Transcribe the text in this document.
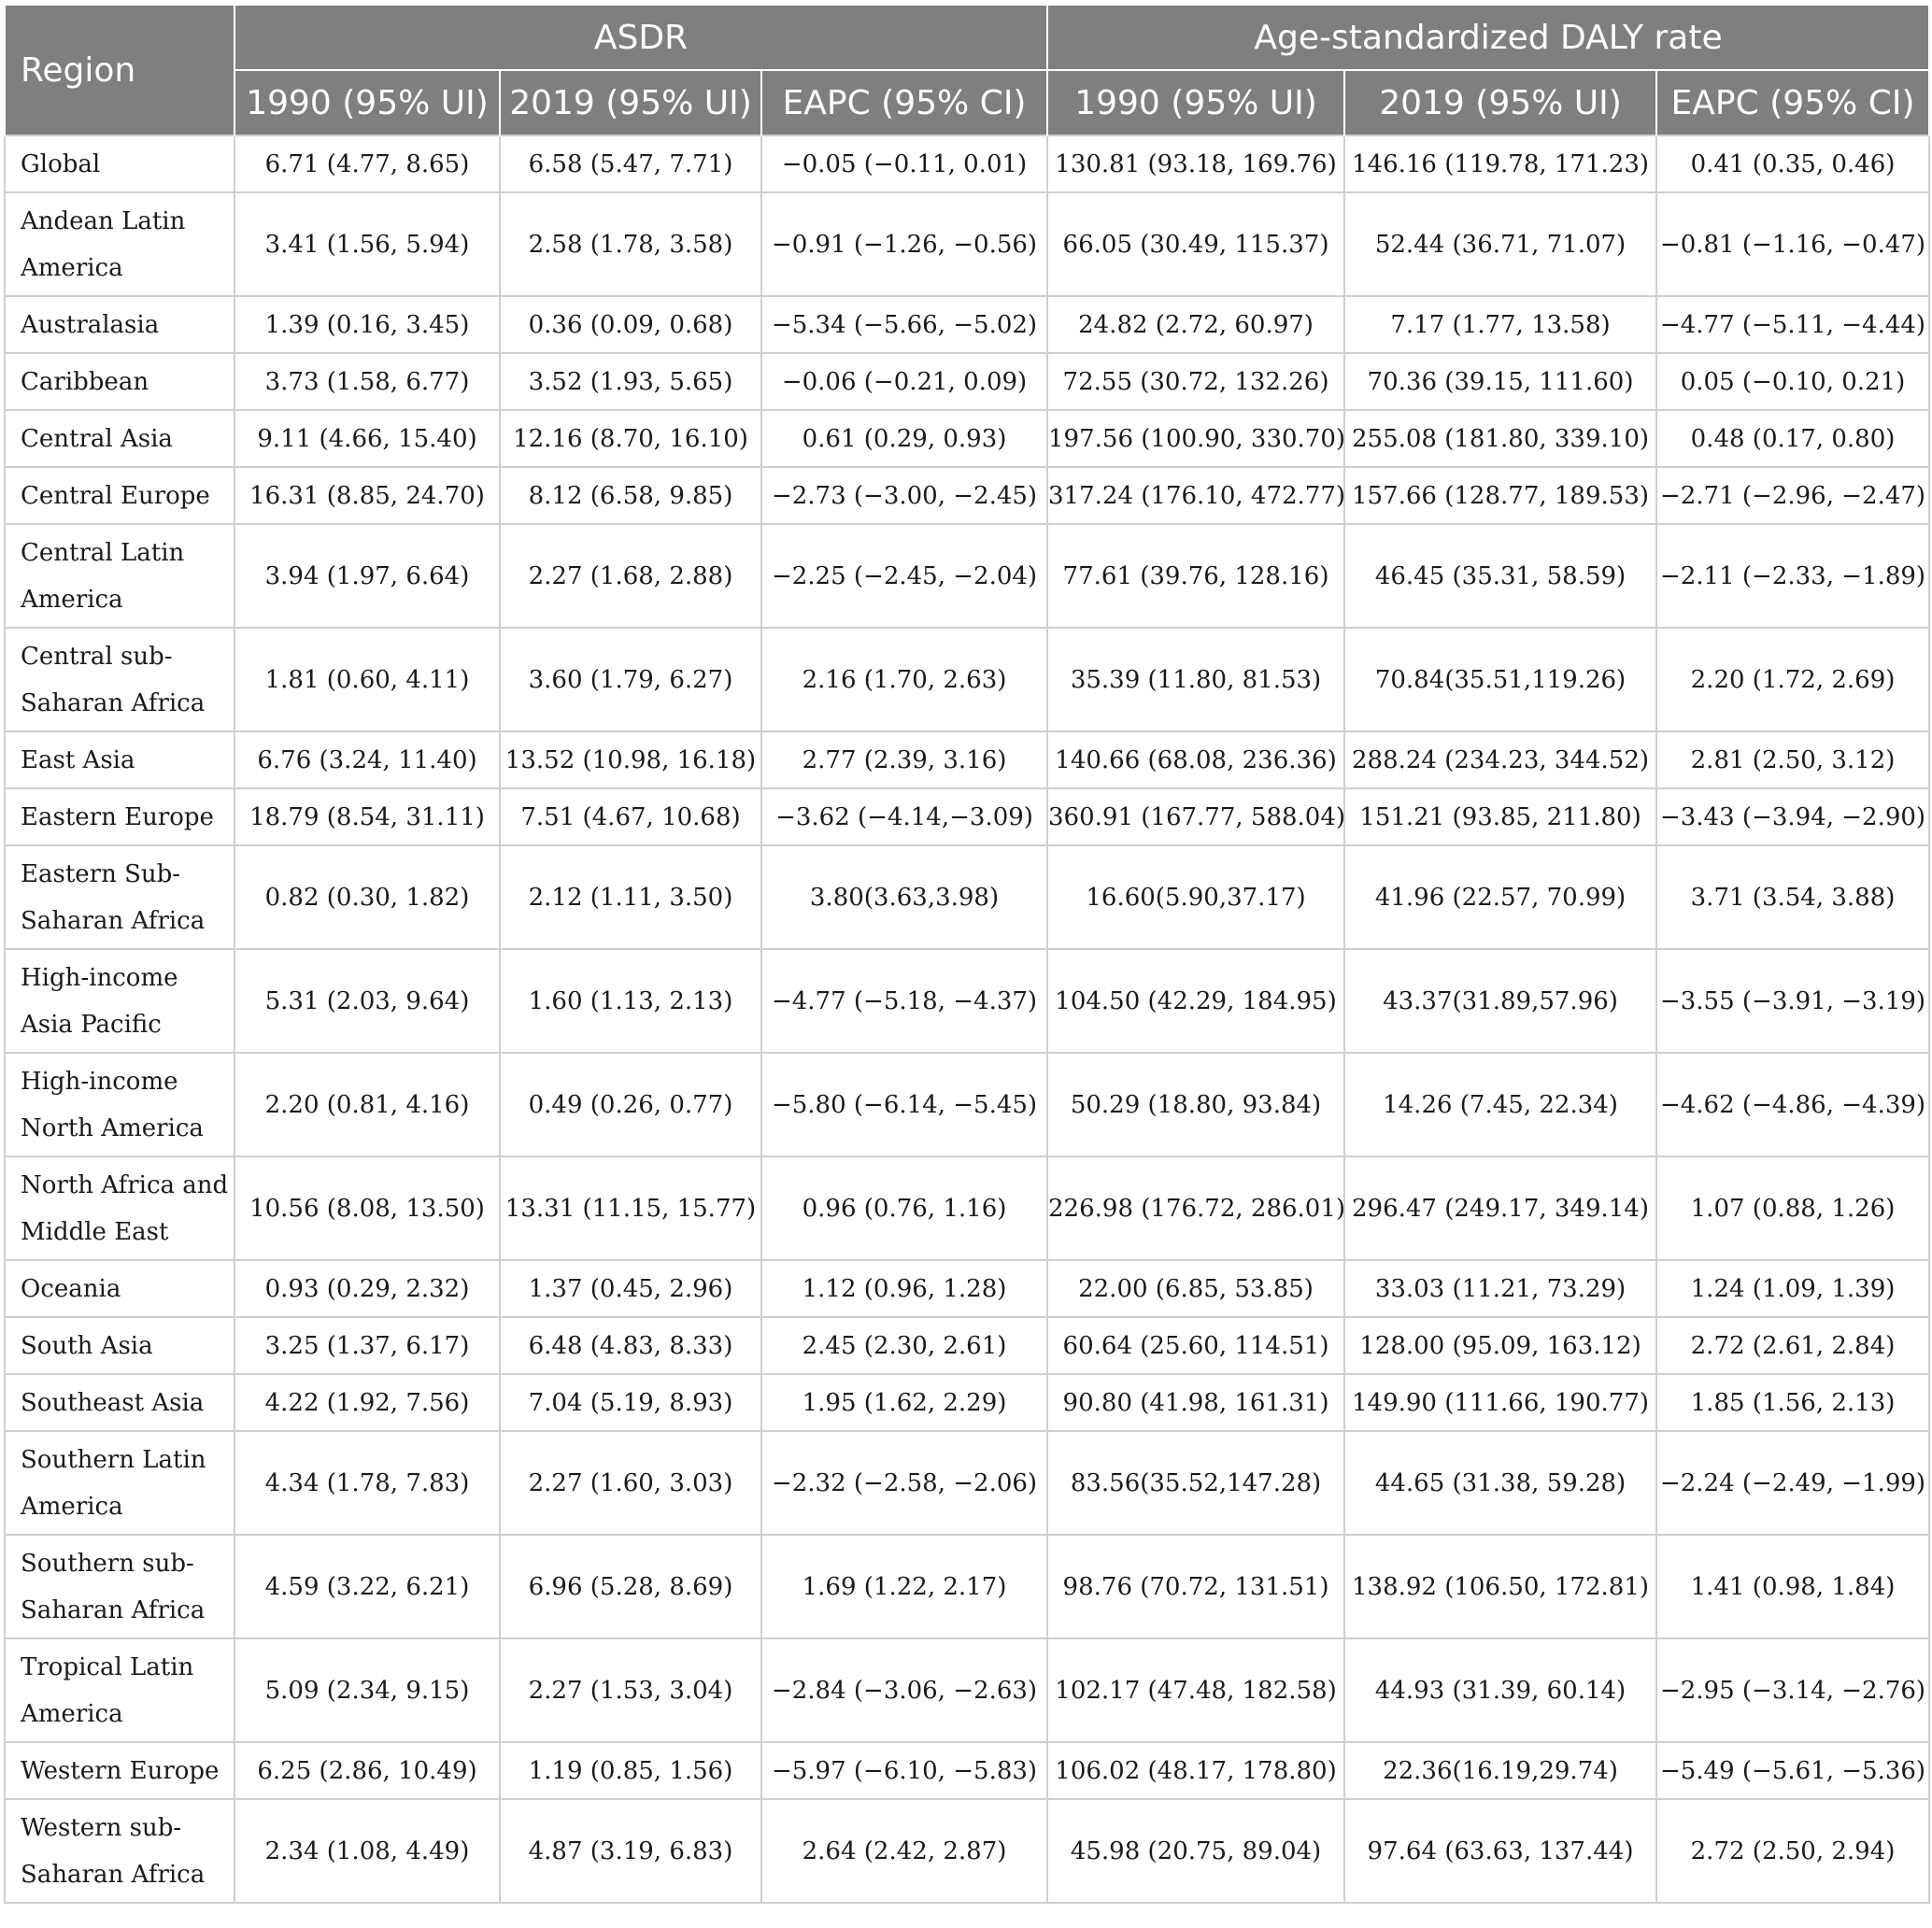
Region	ASDR			Age-standardized DALY rate		
	1990 (95% UI)	2019 (95% UI)	EAPC (95% CI)	1990 (95% UI)	2019 (95% UI)	EAPC (95% CI)
Global	6.71 (4.77, 8.65)	6.58 (5.47, 7.71)	−0.05 (−0.11, 0.01)	130.81 (93.18, 169.76)	146.16 (119.78, 171.23)	0.41 (0.35, 0.46)
Andean Latin America	3.41 (1.56, 5.94)	2.58 (1.78, 3.58)	−0.91 (−1.26, −0.56)	66.05 (30.49, 115.37)	52.44 (36.71, 71.07)	−0.81 (−1.16, −0.47)
Australasia	1.39 (0.16, 3.45)	0.36 (0.09, 0.68)	−5.34 (−5.66, −5.02)	24.82 (2.72, 60.97)	7.17 (1.77, 13.58)	−4.77 (−5.11, −4.44)
Caribbean	3.73 (1.58, 6.77)	3.52 (1.93, 5.65)	−0.06 (−0.21, 0.09)	72.55 (30.72, 132.26)	70.36 (39.15, 111.60)	0.05 (−0.10, 0.21)
Central Asia	9.11 (4.66, 15.40)	12.16 (8.70, 16.10)	0.61 (0.29, 0.93)	197.56 (100.90, 330.70)	255.08 (181.80, 339.10)	0.48 (0.17, 0.80)
Central Europe	16.31 (8.85, 24.70)	8.12 (6.58, 9.85)	−2.73 (−3.00, −2.45)	317.24 (176.10, 472.77)	157.66 (128.77, 189.53)	−2.71 (−2.96, −2.47)
Central Latin America	3.94 (1.97, 6.64)	2.27 (1.68, 2.88)	−2.25 (−2.45, −2.04)	77.61 (39.76, 128.16)	46.45 (35.31, 58.59)	−2.11 (−2.33, −1.89)
Central sub-Saharan Africa	1.81 (0.60, 4.11)	3.60 (1.79, 6.27)	2.16 (1.70, 2.63)	35.39 (11.80, 81.53)	70.84(35.51,119.26)	2.20 (1.72, 2.69)
East Asia	6.76 (3.24, 11.40)	13.52 (10.98, 16.18)	2.77 (2.39, 3.16)	140.66 (68.08, 236.36)	288.24 (234.23, 344.52)	2.81 (2.50, 3.12)
Eastern Europe	18.79 (8.54, 31.11)	7.51 (4.67, 10.68)	−3.62 (−4.14,−3.09)	360.91 (167.77, 588.04)	151.21 (93.85, 211.80)	−3.43 (−3.94, −2.90)
Eastern Sub-Saharan Africa	0.82 (0.30, 1.82)	2.12 (1.11, 3.50)	3.80(3.63,3.98)	16.60(5.90,37.17)	41.96 (22.57, 70.99)	3.71 (3.54, 3.88)
High-income Asia Pacific	5.31 (2.03, 9.64)	1.60 (1.13, 2.13)	−4.77 (−5.18, −4.37)	104.50 (42.29, 184.95)	43.37(31.89,57.96)	−3.55 (−3.91, −3.19)
High-income North America	2.20 (0.81, 4.16)	0.49 (0.26, 0.77)	−5.80 (−6.14, −5.45)	50.29 (18.80, 93.84)	14.26 (7.45, 22.34)	−4.62 (−4.86, −4.39)
North Africa and Middle East	10.56 (8.08, 13.50)	13.31 (11.15, 15.77)	0.96 (0.76, 1.16)	226.98 (176.72, 286.01)	296.47 (249.17, 349.14)	1.07 (0.88, 1.26)
Oceania	0.93 (0.29, 2.32)	1.37 (0.45, 2.96)	1.12 (0.96, 1.28)	22.00 (6.85, 53.85)	33.03 (11.21, 73.29)	1.24 (1.09, 1.39)
South Asia	3.25 (1.37, 6.17)	6.48 (4.83, 8.33)	2.45 (2.30, 2.61)	60.64 (25.60, 114.51)	128.00 (95.09, 163.12)	2.72 (2.61, 2.84)
Southeast Asia	4.22 (1.92, 7.56)	7.04 (5.19, 8.93)	1.95 (1.62, 2.29)	90.80 (41.98, 161.31)	149.90 (111.66, 190.77)	1.85 (1.56, 2.13)
Southern Latin America	4.34 (1.78, 7.83)	2.27 (1.60, 3.03)	−2.32 (−2.58, −2.06)	83.56(35.52,147.28)	44.65 (31.38, 59.28)	−2.24 (−2.49, −1.99)
Southern sub-Saharan Africa	4.59 (3.22, 6.21)	6.96 (5.28, 8.69)	1.69 (1.22, 2.17)	98.76 (70.72, 131.51)	138.92 (106.50, 172.81)	1.41 (0.98, 1.84)
Tropical Latin America	5.09 (2.34, 9.15)	2.27 (1.53, 3.04)	−2.84 (−3.06, −2.63)	102.17 (47.48, 182.58)	44.93 (31.39, 60.14)	−2.95 (−3.14, −2.76)
Western Europe	6.25 (2.86, 10.49)	1.19 (0.85, 1.56)	−5.97 (−6.10, −5.83)	106.02 (48.17, 178.80)	22.36(16.19,29.74)	−5.49 (−5.61, −5.36)
Western sub-Saharan Africa	2.34 (1.08, 4.49)	4.87 (3.19, 6.83)	2.64 (2.42, 2.87)	45.98 (20.75, 89.04)	97.64 (63.63, 137.44)	2.72 (2.50, 2.94)
